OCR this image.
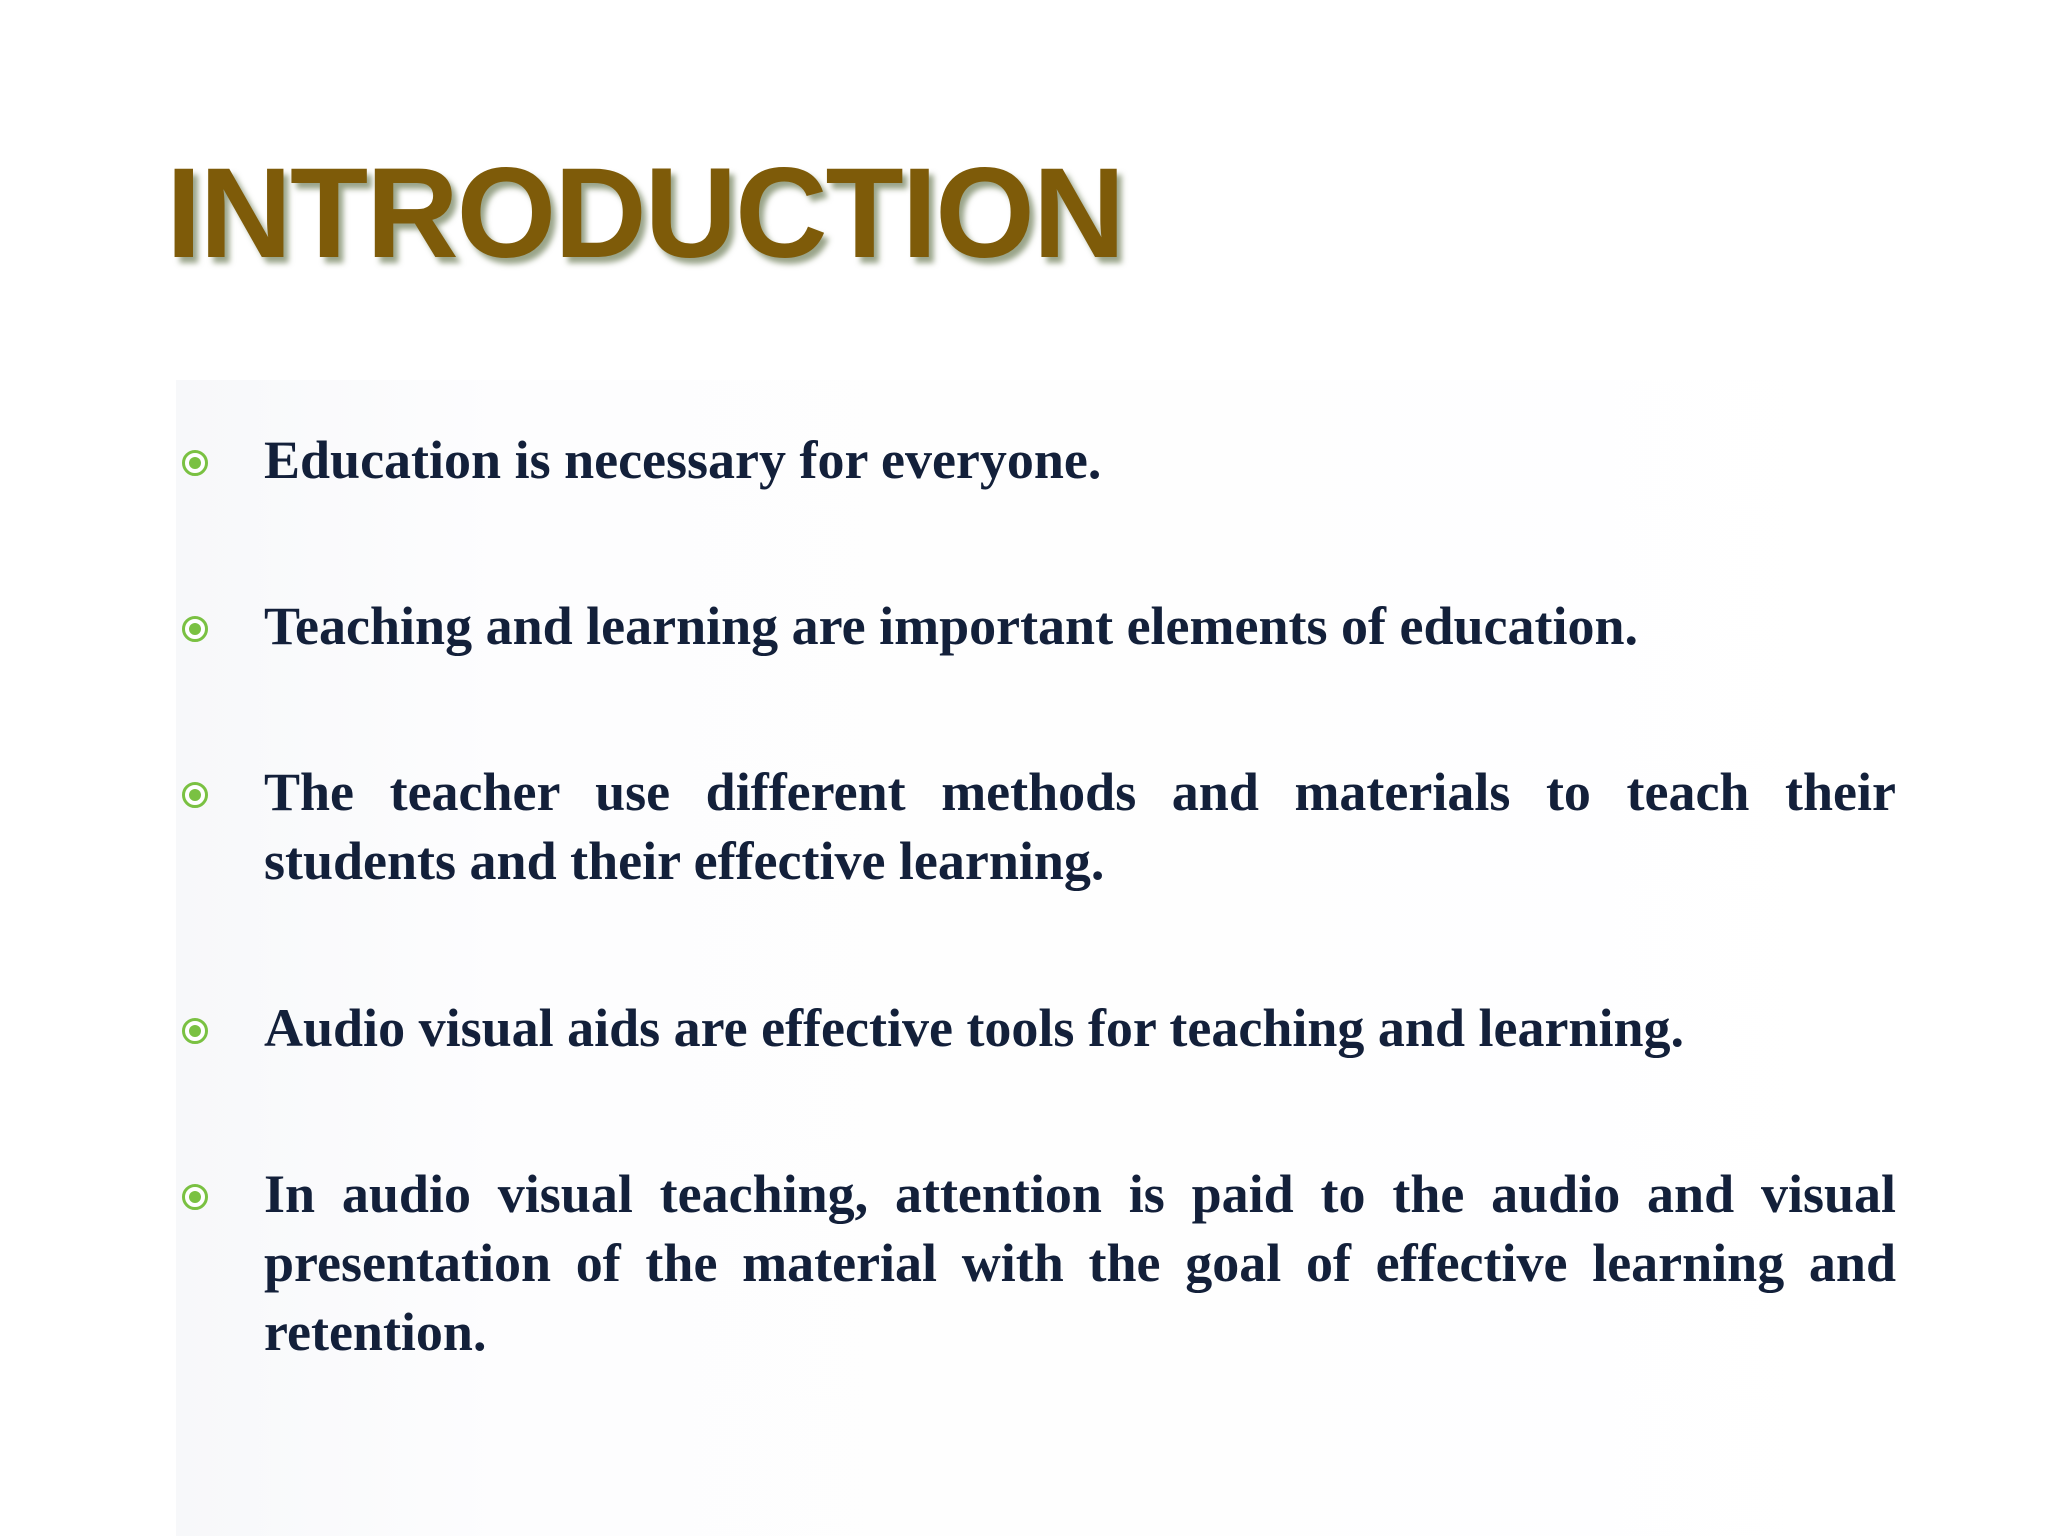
INTRODUCTION

Education is necessary for everyone.

Teaching and learning are important elements of education.

The teacher use different methods and materials to teach their students and their effective learning.

Audio visual aids are effective tools for teaching and learning.

In audio visual teaching, attention is paid to the audio and visual presentation of the material with the goal of effective learning and retention.
